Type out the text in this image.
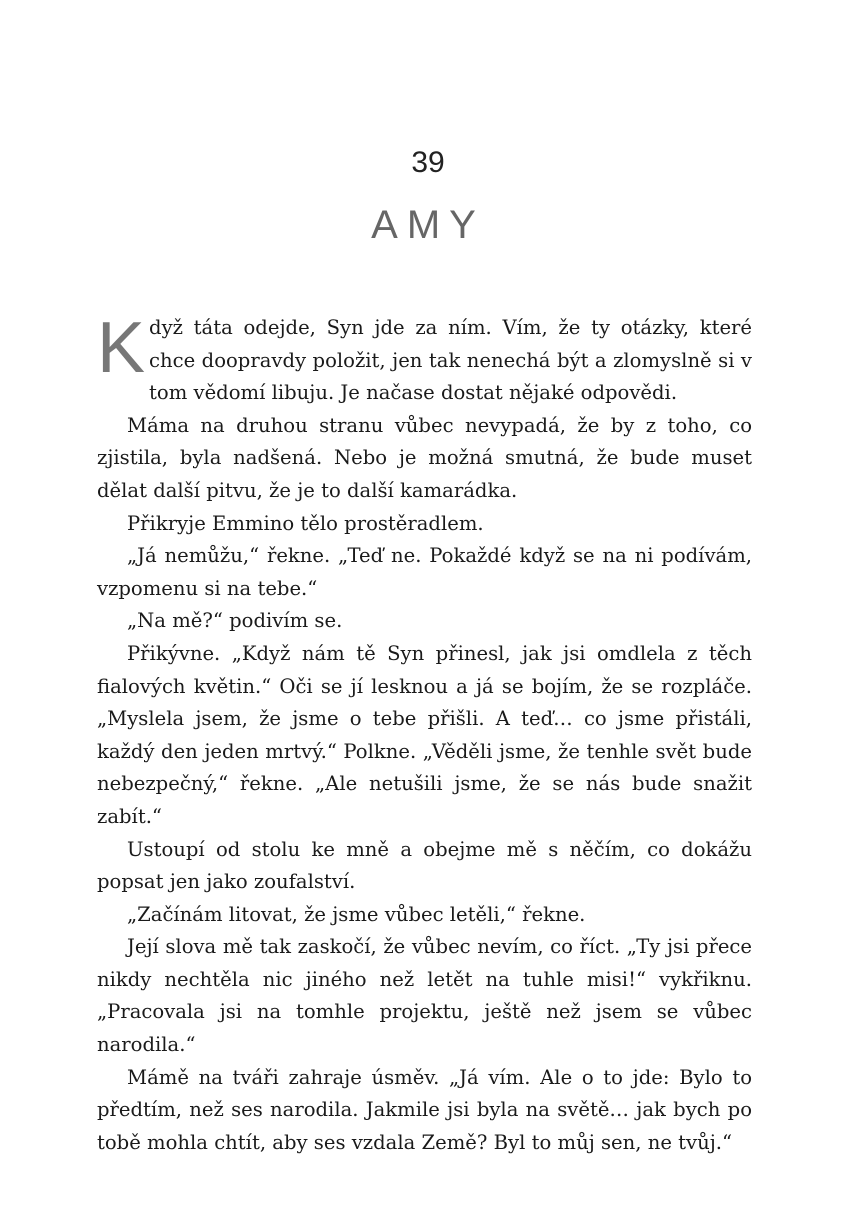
39
AMY

Když táta odejde, Syn jde za ním. Vím, že ty otázky, které chce doopravdy položit, jen tak nenechá být a zlomyslně si v tom vědomí libuju. Je načase dostat nějaké odpovědi.

Máma na druhou stranu vůbec nevypadá, že by z toho, co zjistila, byla nadšená. Nebo je možná smutná, že bude muset dělat další pitvu, že je to další kamarádka.

Přikryje Emmino tělo prostěradlem.

„Já nemůžu,“ řekne. „Teď ne. Pokaždé když se na ni podívám, vzpomenu si na tebe.“

„Na mě?“ podivím se.

Přikývne. „Když nám tě Syn přinesl, jak jsi omdlela z těch fialových květin.“ Oči se jí lesknou a já se bojím, že se rozpláče. „Myslela jsem, že jsme o tebe přišli. A teď… co jsme přistáli, každý den jeden mrtvý.“ Polkne. „Věděli jsme, že tenhle svět bude nebezpečný,“ řekne. „Ale netušili jsme, že se nás bude snažit zabít.“

Ustoupí od stolu ke mně a obejme mě s něčím, co dokážu popsat jen jako zoufalství.

„Začínám litovat, že jsme vůbec letěli,“ řekne.

Její slova mě tak zaskočí, že vůbec nevím, co říct. „Ty jsi přece nikdy nechtěla nic jiného než letět na tuhle misi!“ vykřiknu. „Pracovala jsi na tomhle projektu, ještě než jsem se vůbec narodila.“

Mámě na tváři zahraje úsměv. „Já vím. Ale o to jde: Bylo to předtím, než ses narodila. Jakmile jsi byla na světě… jak bych po tobě mohla chtít, aby ses vzdala Země? Byl to můj sen, ne tvůj.“
